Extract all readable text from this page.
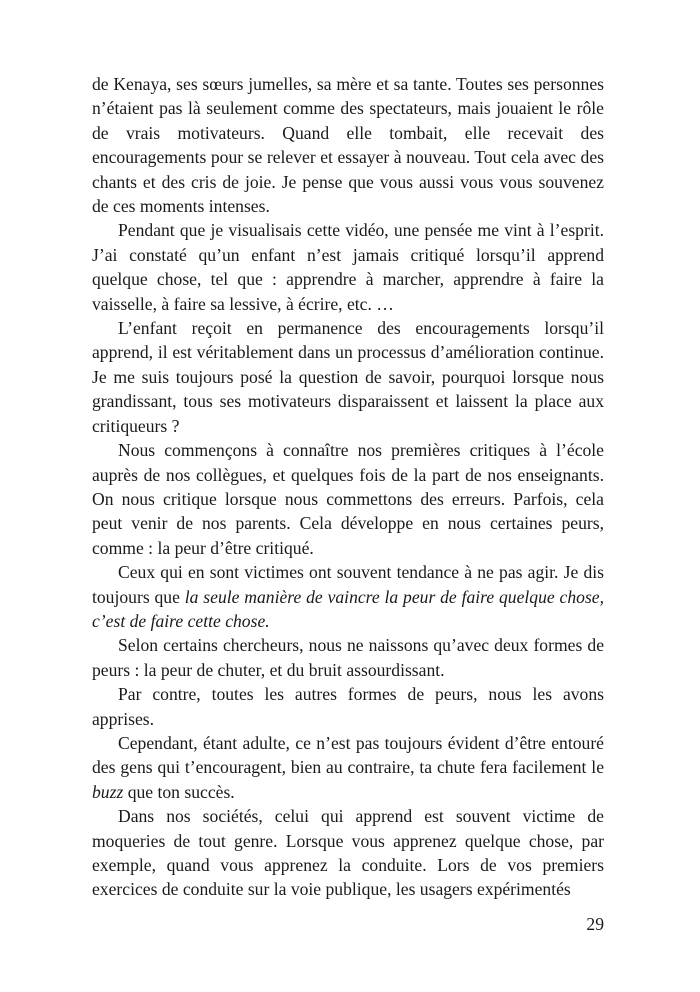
de Kenaya, ses sœurs jumelles, sa mère et sa tante. Toutes ses personnes n’étaient pas là seulement comme des spectateurs, mais jouaient le rôle de vrais motivateurs. Quand elle tombait, elle recevait des encouragements pour se relever et essayer à nouveau. Tout cela avec des chants et des cris de joie. Je pense que vous aussi vous vous souvenez de ces moments intenses.

Pendant que je visualisais cette vidéo, une pensée me vint à l’esprit. J’ai constaté qu’un enfant n’est jamais critiqué lorsqu’il apprend quelque chose, tel que : apprendre à marcher, apprendre à faire la vaisselle, à faire sa lessive, à écrire, etc. …

L’enfant reçoit en permanence des encouragements lorsqu’il apprend, il est véritablement dans un processus d’amélioration continue. Je me suis toujours posé la question de savoir, pourquoi lorsque nous grandissant, tous ses motivateurs disparaissent et laissent la place aux critiqueurs ?

Nous commençons à connaître nos premières critiques à l’école auprès de nos collègues, et quelques fois de la part de nos enseignants. On nous critique lorsque nous commettons des erreurs. Parfois, cela peut venir de nos parents. Cela développe en nous certaines peurs, comme : la peur d’être critiqué.

Ceux qui en sont victimes ont souvent tendance à ne pas agir. Je dis toujours que la seule manière de vaincre la peur de faire quelque chose, c’est de faire cette chose.

Selon certains chercheurs, nous ne naissons qu’avec deux formes de peurs : la peur de chuter, et du bruit assourdissant.

Par contre, toutes les autres formes de peurs, nous les avons apprises.

Cependant, étant adulte, ce n’est pas toujours évident d’être entouré des gens qui t’encouragent, bien au contraire, ta chute fera facilement le buzz que ton succès.

Dans nos sociétés, celui qui apprend est souvent victime de moqueries de tout genre. Lorsque vous apprenez quelque chose, par exemple, quand vous apprenez la conduite. Lors de vos premiers exercices de conduite sur la voie publique, les usagers expérimentés

29
